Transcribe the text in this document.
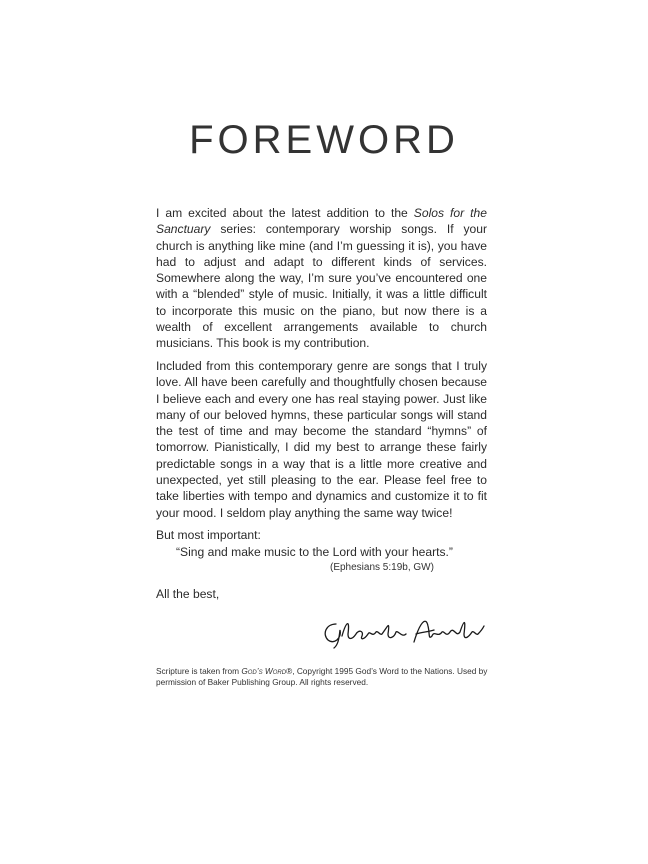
FOREWORD

I am excited about the latest addition to the Solos for the Sanctuary series: contemporary worship songs. If your church is anything like mine (and I’m guessing it is), you have had to adjust and adapt to different kinds of services. Somewhere along the way, I’m sure you’ve encountered one with a “blended” style of music. Initially, it was a little difficult to incorporate this music on the piano, but now there is a wealth of excellent arrangements available to church musicians. This book is my contribution.

Included from this contemporary genre are songs that I truly love. All have been carefully and thoughtfully chosen because I believe each and every one has real staying power. Just like many of our beloved hymns, these particular songs will stand the test of time and may become the standard “hymns” of tomorrow. Pianistically, I did my best to arrange these fairly predictable songs in a way that is a little more creative and unexpected, yet still pleasing to the ear. Please feel free to take liberties with tempo and dynamics and customize it to fit your mood. I seldom play anything the same way twice!

But most important:

“Sing and make music to the Lord with your hearts.”

(Ephesians 5:19b, GW)

All the best,

Scripture is taken from God’s Word®, Copyright 1995 God’s Word to the Nations. Used by permission of Baker Publishing Group. All rights reserved.
